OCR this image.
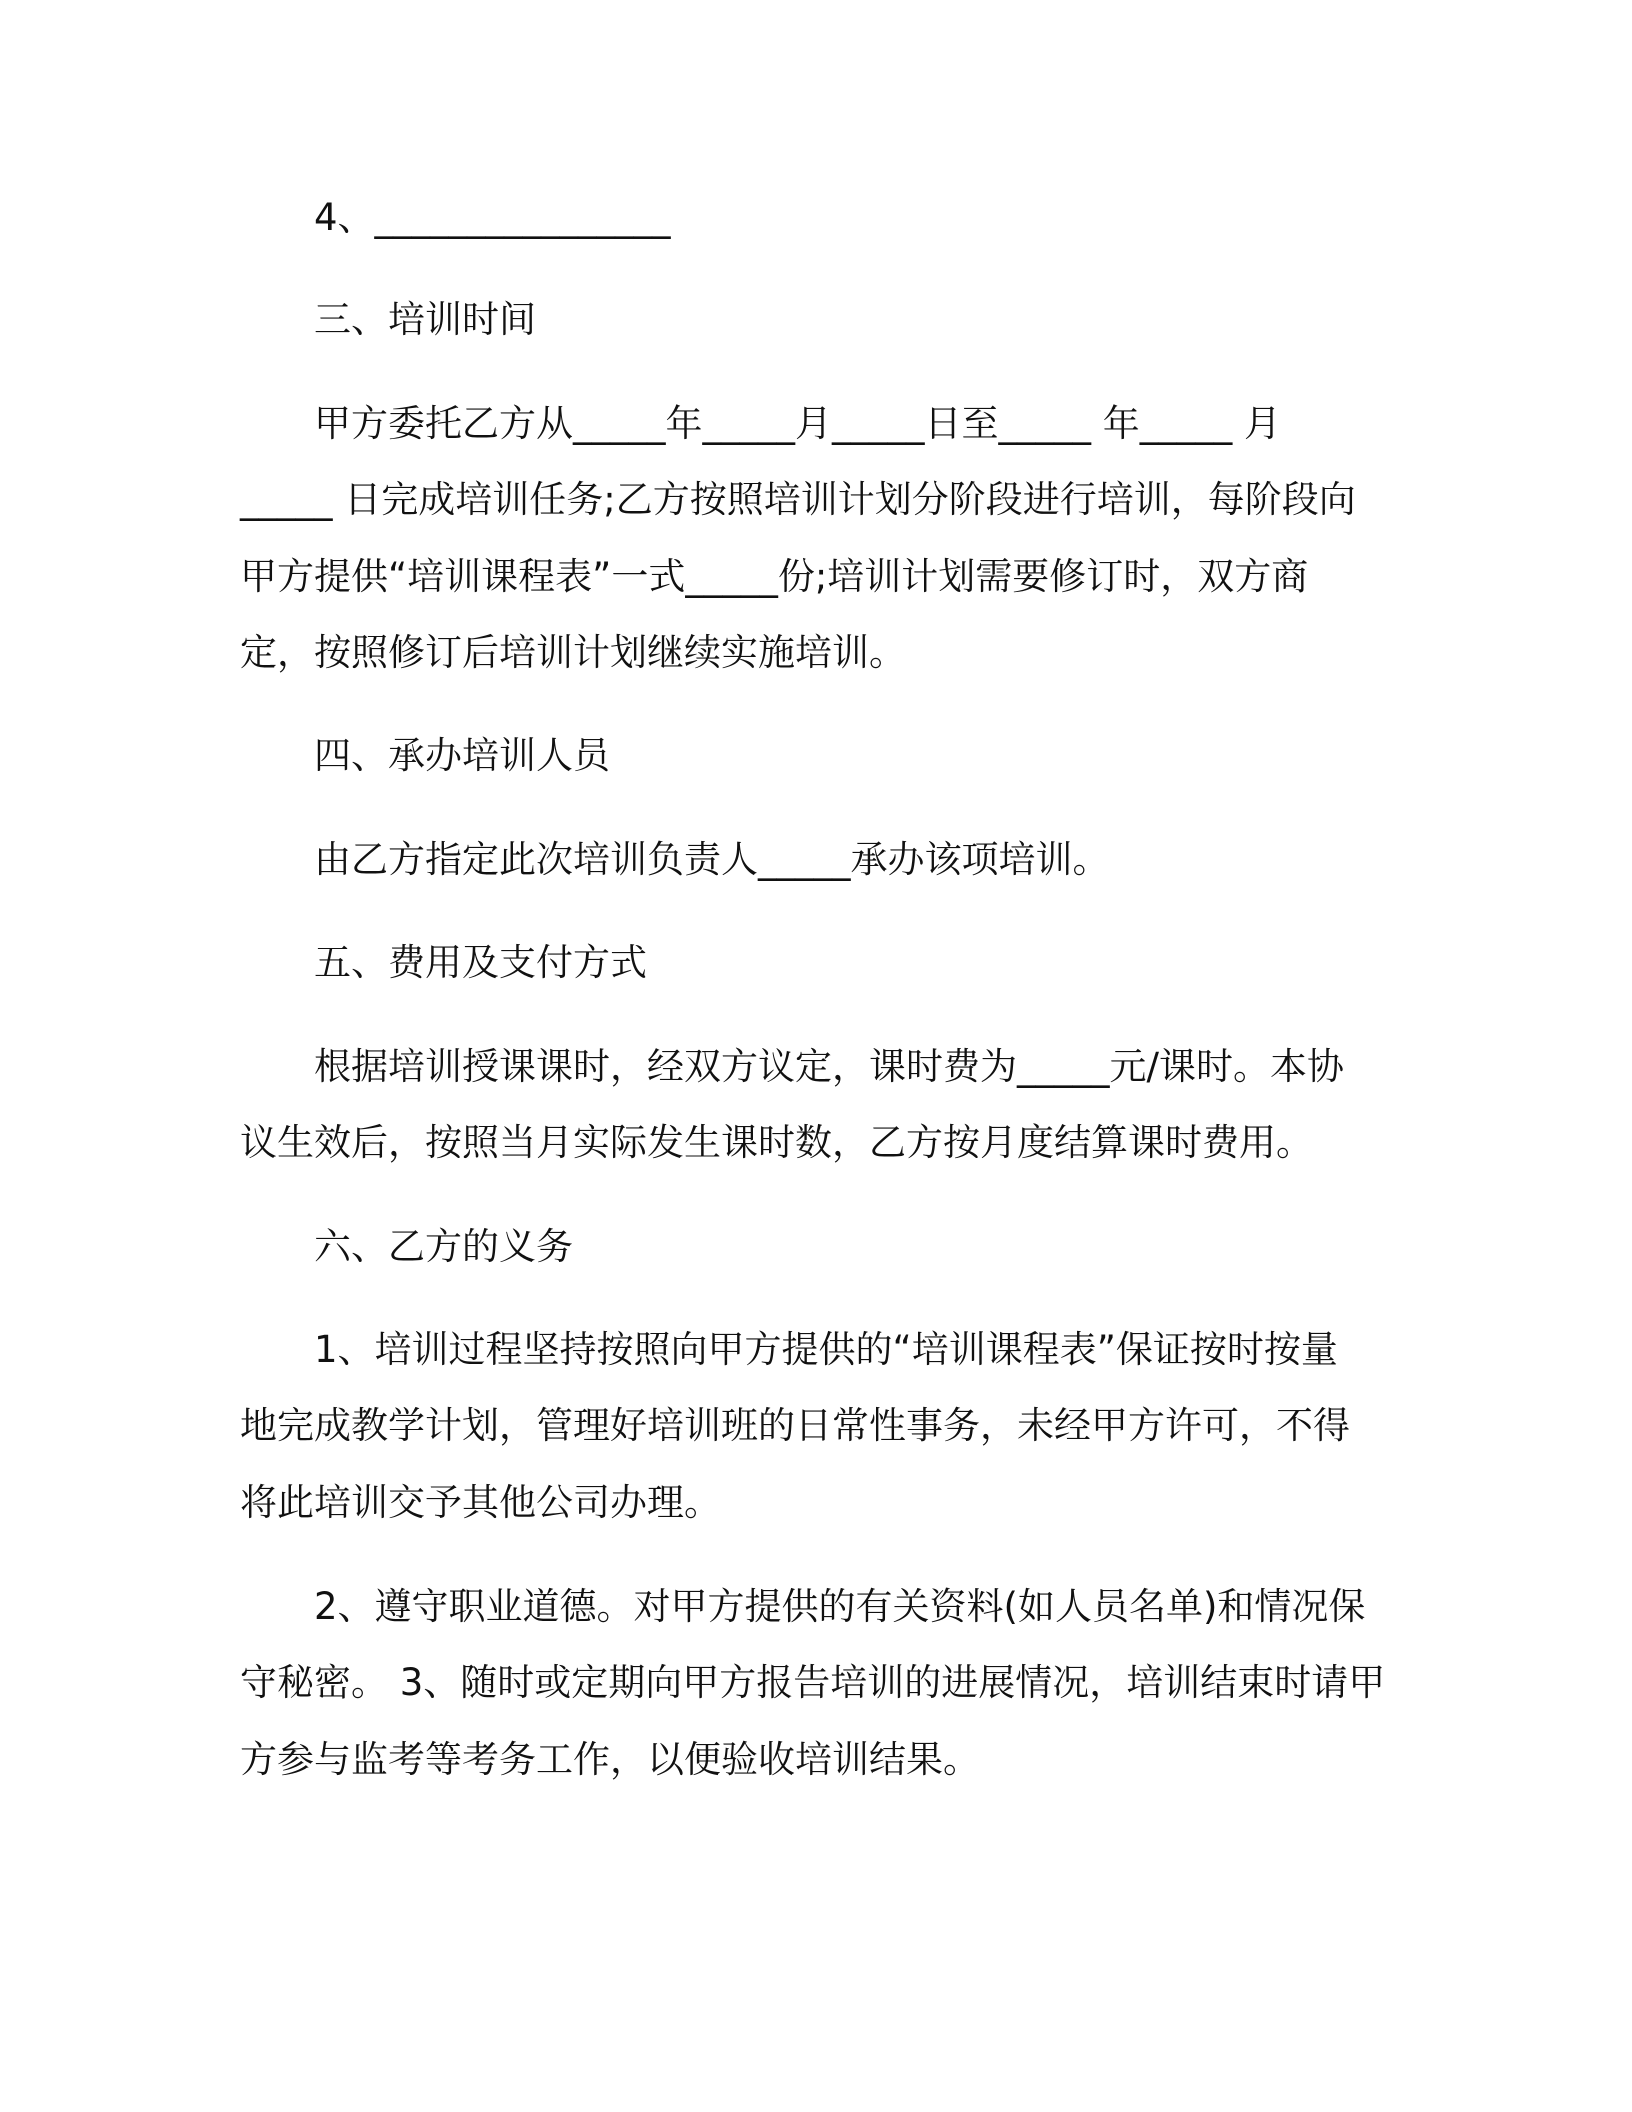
4、________________
三、培训时间
甲方委托乙方从_____年_____月_____日至_____ 年_____ 月
_____ 日完成培训任务;乙方按照培训计划分阶段进行培训，每阶段向
甲方提供“培训课程表”一式_____份;培训计划需要修订时，双方商
定，按照修订后培训计划继续实施培训。
四、承办培训人员
由乙方指定此次培训负责人_____承办该项培训。
五、费用及支付方式
根据培训授课课时，经双方议定，课时费为_____元/课时。本协
议生效后，按照当月实际发生课时数，乙方按月度结算课时费用。
六、乙方的义务
1、培训过程坚持按照向甲方提供的“培训课程表”保证按时按量
地完成教学计划，管理好培训班的日常性事务，未经甲方许可，不得
将此培训交予其他公司办理。
2、遵守职业道德。对甲方提供的有关资料(如人员名单)和情况保
守秘密。 3、随时或定期向甲方报告培训的进展情况，培训结束时请甲
方参与监考等考务工作，以便验收培训结果。
